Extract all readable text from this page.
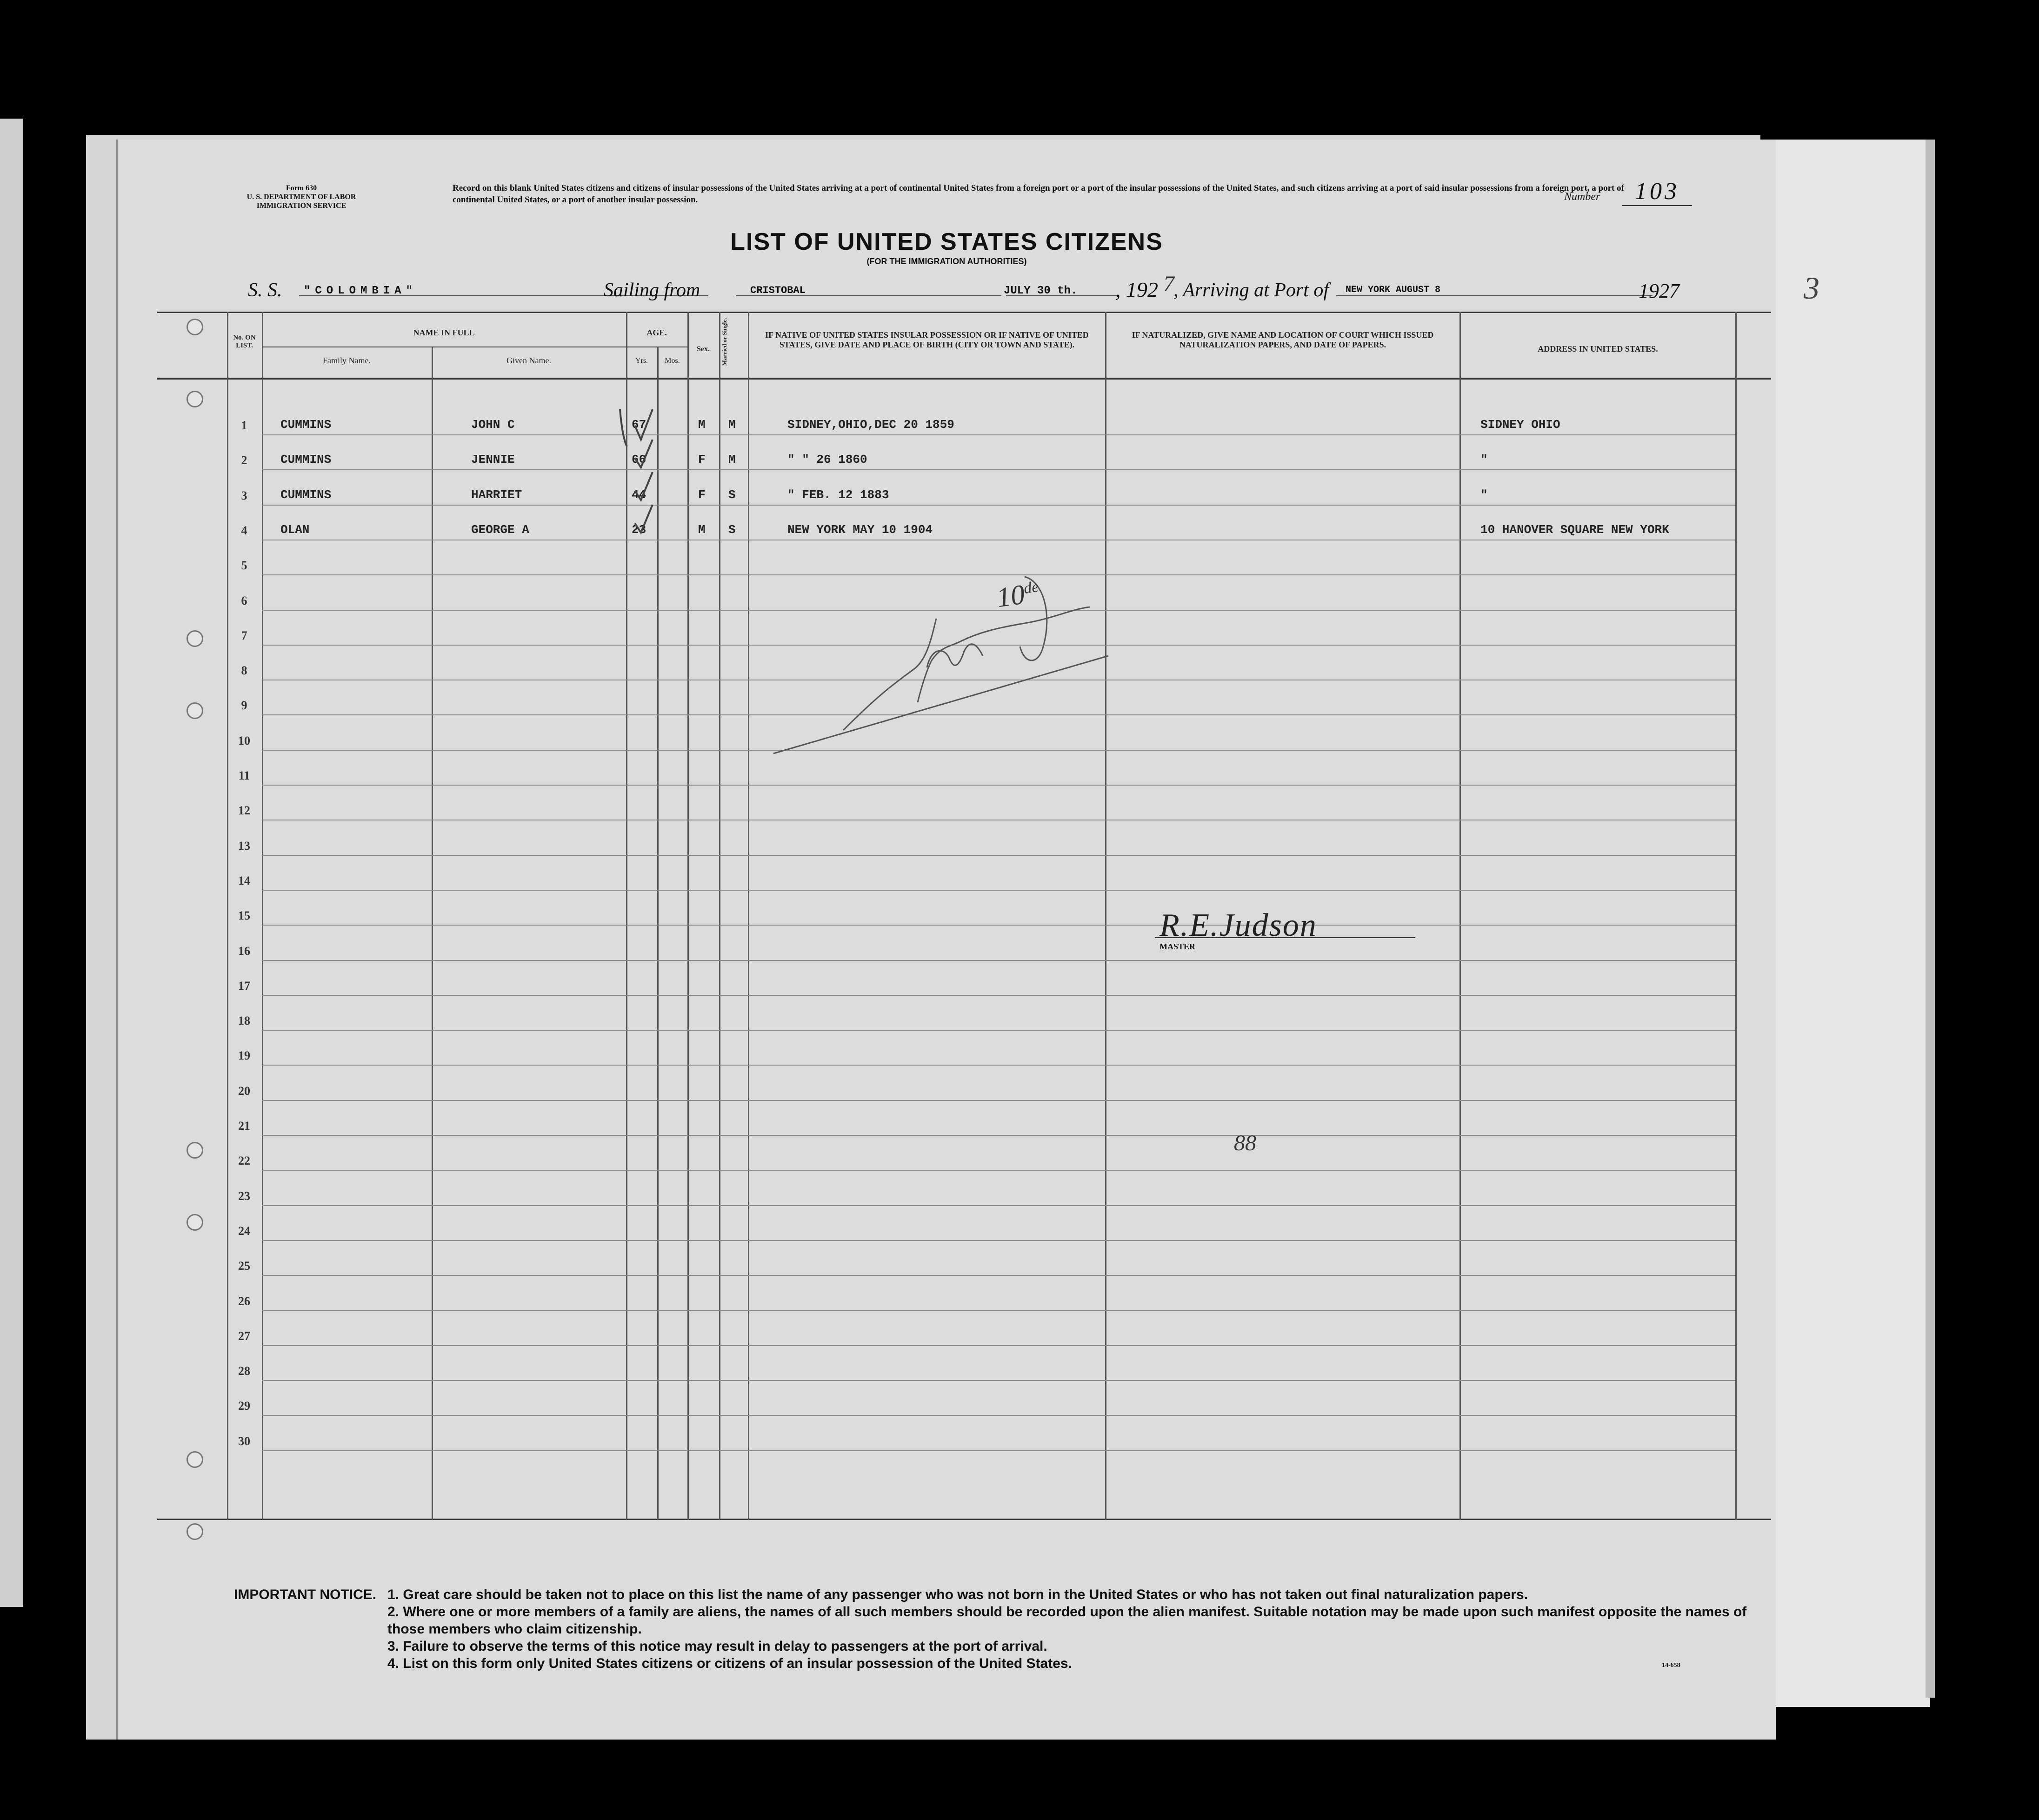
Form 630
U. S. DEPARTMENT OF LABOR
IMMIGRATION SERVICE
Record on this blank United States citizens and citizens of insular possessions of the United States arriving at a port of continental United States from a foreign port or a port of the insular possessions of the United States, and such citizens arriving at a port of said insular possessions from a foreign port, a port of continental United States, or a port of another insular possession.	Number	103
LIST OF UNITED STATES CITIZENS
(FOR THE IMMIGRATION AUTHORITIES)
S. S. "COLOMBIA"	Sailing from	CRISTOBAL	JULY 30 th. , 192 7
, Arriving at Port of NEW YORK AUGUST 8	1927	3
No. ON LIST.
NAME IN FULL
Family Name.	Given Name.
AGE.
Yrs.	Mos.
Sex.	Married or Single.	IF NATIVE OF UNITED STATES INSULAR POSSESSION OR IF NATIVE OF UNITED STATES, GIVE DATE AND PLACE OF BIRTH (CITY OR TOWN AND STATE).
IF NATURALIZED, GIVE NAME AND LOCATION OF COURT WHICH ISSUED NATURALIZATION PAPERS, AND DATE OF PAPERS.	ADDRESS IN UNITED STATES.
1	CUMMINS	JOHN C	67	M M	SIDNEY,OHIO,DEC 20 1859	SIDNEY OHIO
2	CUMMINS	JENNIE	66	F M	" " 26 1860	"
3	CUMMINS	HARRIET	44	F S	" FEB. 12 1883	"
4	OLAN	GEORGE A	23	M S	NEW YORK MAY 10 1904	10 HANOVER SQUARE NEW YORK
5
6
7
8
9
10
11
12
13
14
15
16
17
18
19
20
21
22
23
24
25
26
27
28
29
30
10de
R.E.Judson
MASTER
88
IMPORTANT NOTICE. 1. Great care should be taken not to place on this list the name of any passenger who was not born in the United States or who has not taken out final naturalization papers.
2. Where one or more members of a family are aliens, the names of all such members should be recorded upon the alien manifest. Suitable notation may be made upon such manifest opposite the names of those members who claim citizenship.
3. Failure to observe the terms of this notice may result in delay to passengers at the port of arrival.
4. List on this form only United States citizens or citizens of an insular possession of the United States.	14-658
